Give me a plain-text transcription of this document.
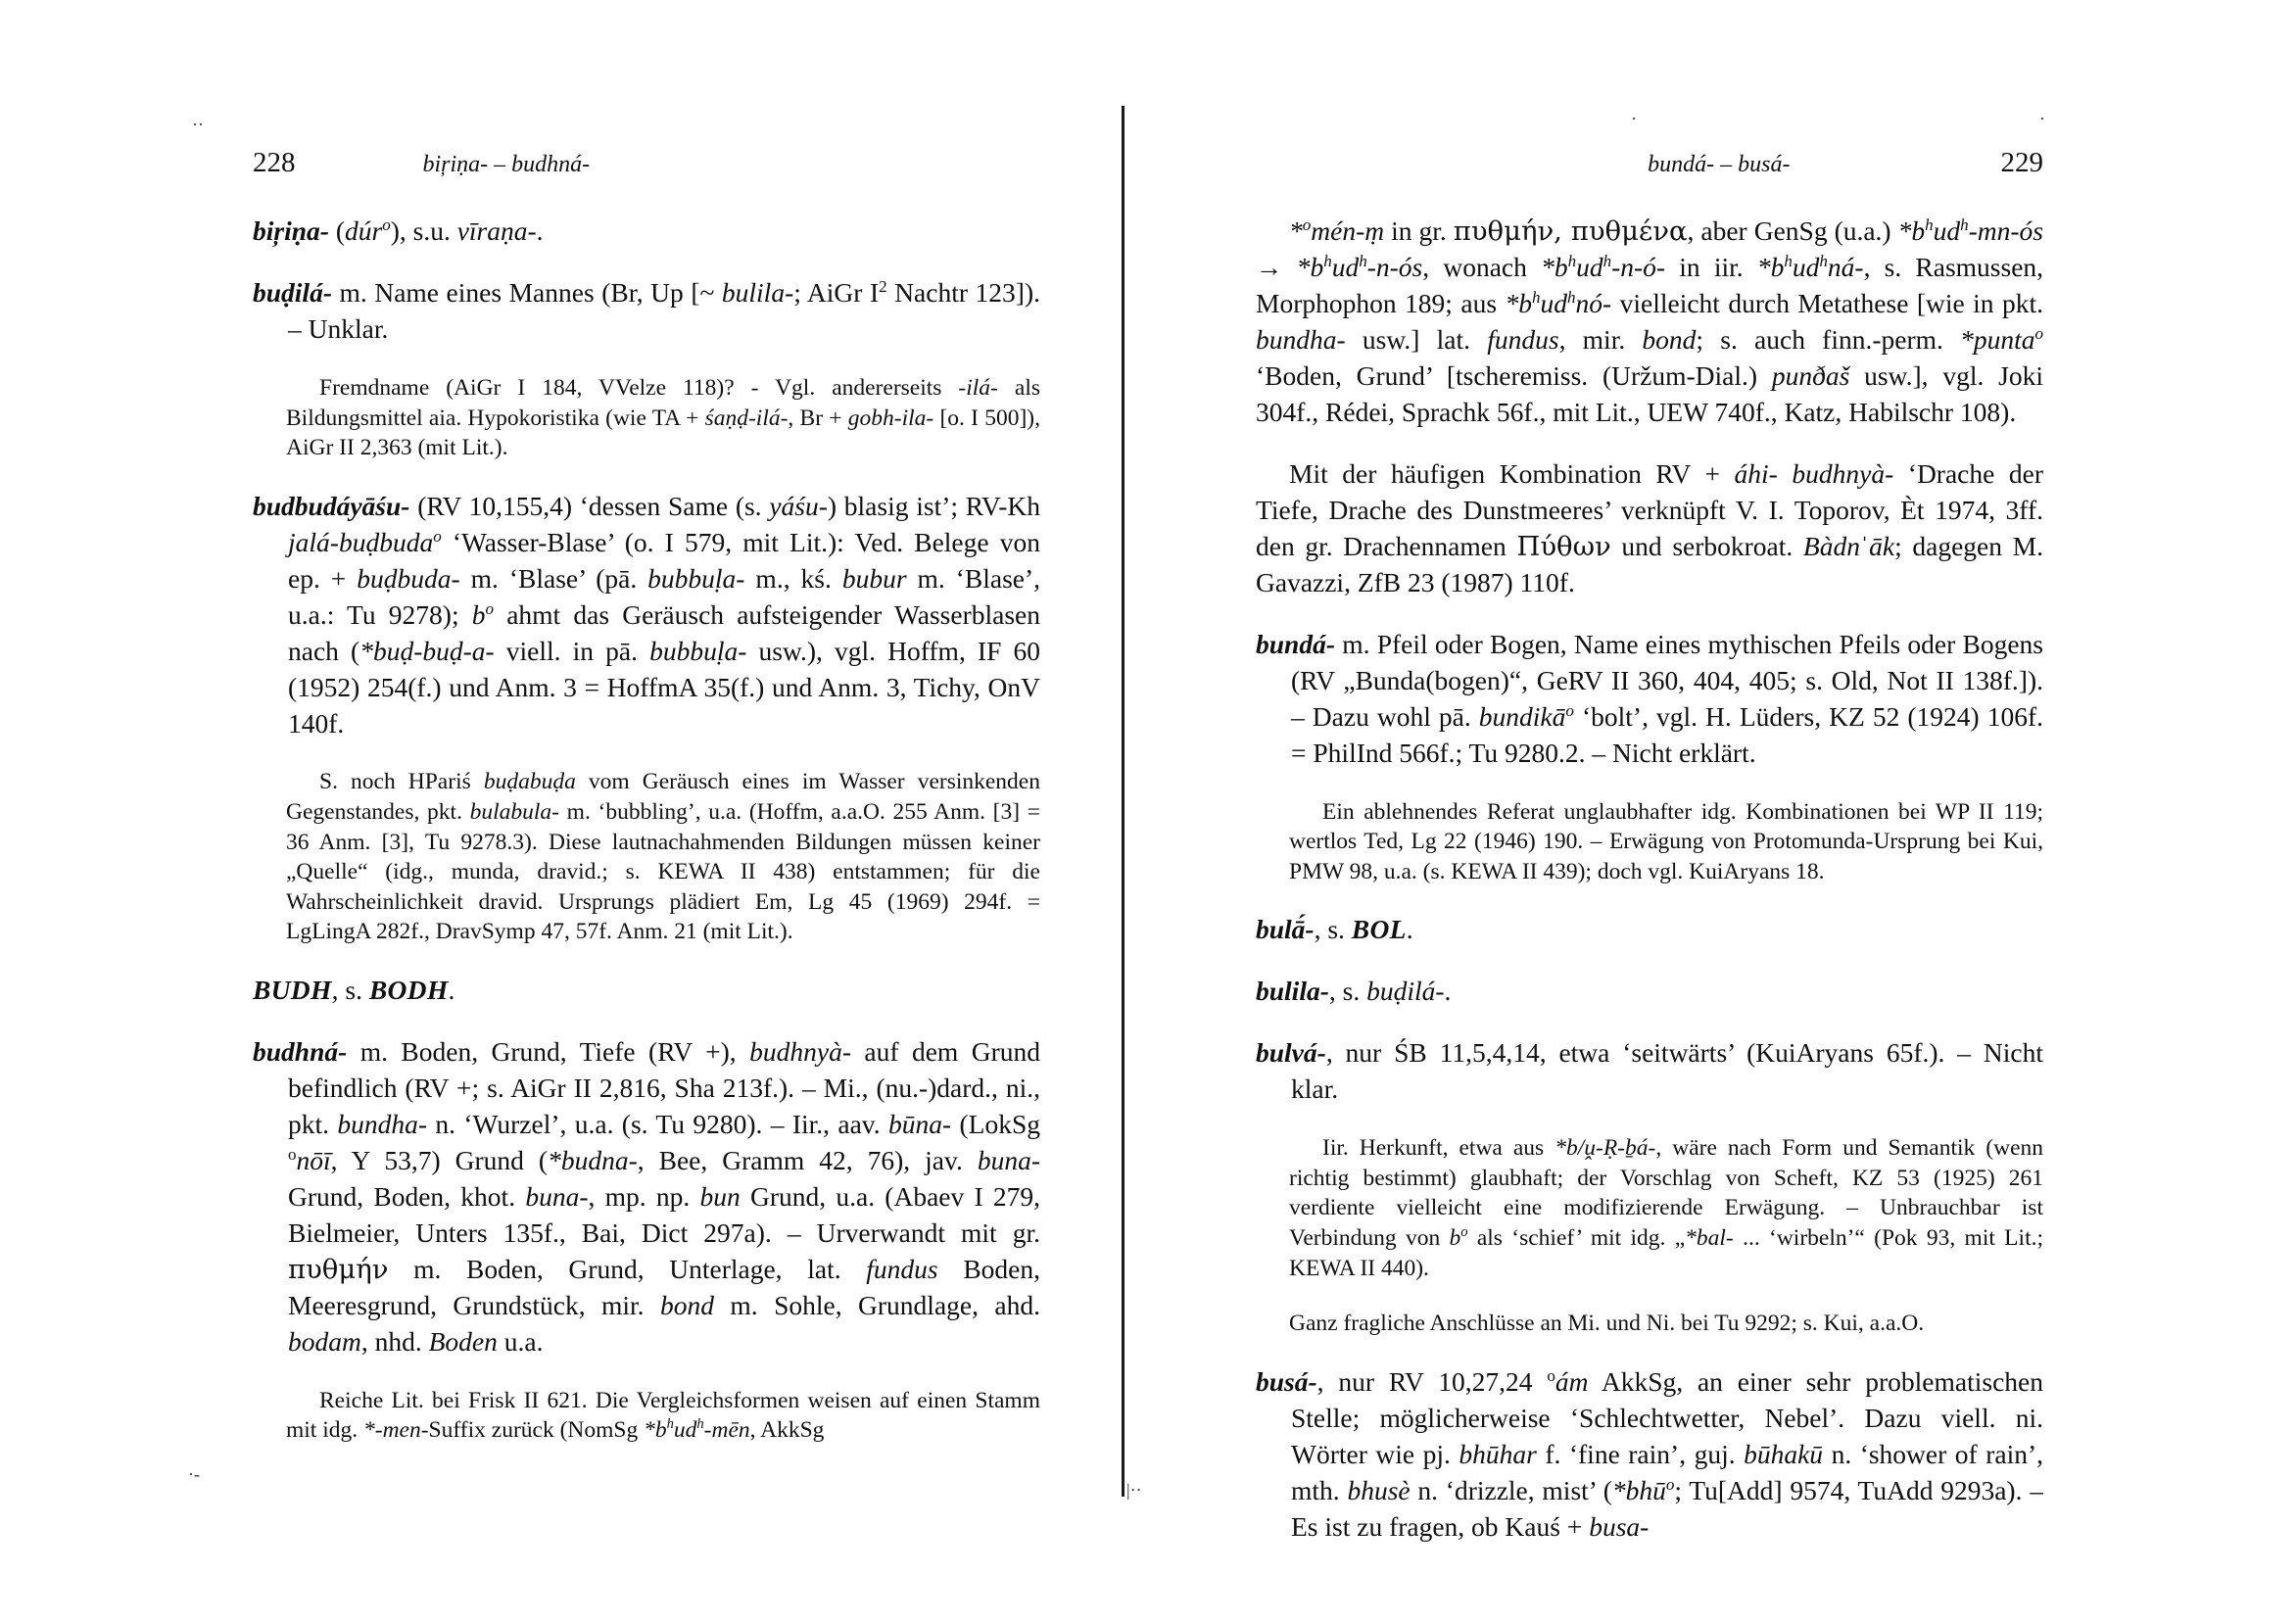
228	biŗiṇa- – budhná-

biŗiṇa- (dúr$^o$), s.u. vīraṇa-.

buḍilá- m. Name eines Mannes (Br, Up [~ bulila-; AiGr $I^2$ Nachtr 123]). – Unklar.

Fremdname (AiGr I 184, VVelze 118)? - Vgl. andererseits -ilá- als Bildungsmittel aia. Hypokoristika (wie TA + śaṇḍ-ilá-, Br + gobh-ila- [o. I 500]), AiGr II 2,363 (mit Lit.).

budbudáyāśu- (RV 10,155,4) ‘dessen Same (s. yáśu-) blasig ist’; RV-Kh jalá-buḍbuda$^o$ ‘Wasser-Blase’ (o. I 579, mit Lit.): Ved. Belege von ep. + buḍbuda- m. ‘Blase’ (pā. bubbuḷa- m., kś. bubur m. ‘Blase’, u.a.: Tu 9278); $b^o$ ahmt das Geräusch aufsteigender Wasserblasen nach (*buḍ-buḍ-a- viell. in pā. bubbuḷa- usw.), vgl. Hoffm, IF 60 (1952) 254(f.) und Anm. 3 = HoffmA 35(f.) und Anm. 3, Tichy, OnV 140f.

S. noch HPariś buḍabuḍa vom Geräusch eines im Wasser versinkenden Gegenstandes, pkt. bulabula- m. ‘bubbling’, u.a. (Hoffm, a.a.O. 255 Anm. [3] = 36 Anm. [3], Tu 9278.3). Diese lautnachahmenden Bildungen müssen keiner „Quelle“ (idg., munda, dravid.; s. KEWA II 438) entstammen; für die Wahrscheinlichkeit dravid. Ursprungs plädiert Em, Lg 45 (1969) 294f. = LgLingA 282f., DravSymp 47, 57f. Anm. 21 (mit Lit.).

BUDH, s. BODH.

budhná- m. Boden, Grund, Tiefe (RV +), budhnyà- auf dem Grund befindlich (RV +; s. AiGr II 2,816, Sha 213f.). – Mi., (nu.-)dard., ni., pkt. bundha- n. ‘Wurzel’, u.a. (s. Tu 9280). – Iir., aav. būna- (LokSg $^o$nōī, Y 53,7) Grund (*budna-, Bee, Gramm 42, 76), jav. buna- Grund, Boden, khot. buna-, mp. np. bun Grund, u.a. (Abaev I 279, Bielmeier, Unters 135f., Bai, Dict 297a). – Urverwandt mit gr. πυθμήν m. Boden, Grund, Unterlage, lat. fundus Boden, Meeresgrund, Grundstück, mir. bond m. Sohle, Grundlage, ahd. bodam, nhd. Boden u.a.

Reiche Lit. bei Frisk II 621. Die Vergleichsformen weisen auf einen Stamm mit idg. *-men-Suffix zurück (NomSg $*b^hud^h$-mēn, AkkSg

bundá- – busá-	229

*$^o$mén-ṃ in gr. πυθμήν, πυθμένα, aber GenSg (u.a.) $*b^hud^h-mn-ós$ → $*b^hud^h-n-ós$, wonach $*b^hud^h-n-ó-$ in iir. $*b^hud^hná-$, s. Rasmussen, Morphophon 189; aus $*b^hud^hnó-$ vielleicht durch Metathese [wie in pkt. bundha- usw.] lat. fundus, mir. bond; s. auch finn.-perm. *punta$^o$ ‘Boden, Grund’ [tscheremiss. (Uržum-Dial.) punðaš usw.], vgl. Joki 304f., Rédei, Sprachk 56f., mit Lit., UEW 740f., Katz, Habilschr 108).

Mit der häufigen Kombination RV + áhi- budhnyà- ‘Drache der Tiefe, Drache des Dunstmeeres’ verknüpft V. I. Toporov, Èt 1974, 3ff. den gr. Drachennamen Πύθων und serbokroat. Bàdnˈāk; dagegen M. Gavazzi, ZfB 23 (1987) 110f.

bundá- m. Pfeil oder Bogen, Name eines mythischen Pfeils oder Bogens (RV „Bunda(bogen)“, GeRV II 360, 404, 405; s. Old, Not II 138f.]). – Dazu wohl pā. bundikā$^o$ ‘bolt’, vgl. H. Lüders, KZ 52 (1924) 106f. = PhilInd 566f.; Tu 9280.2. – Nicht erklärt.

Ein ablehnendes Referat unglaubhafter idg. Kombinationen bei WP II 119; wertlos Ted, Lg 22 (1946) 190. – Erwägung von Protomunda-Ursprung bei Kui, PMW 98, u.a. (s. KEWA II 439); doch vgl. KuiAryans 18.

bulā́-, s. BOL.

bulila-, s. buḍilá-.

bulvá-, nur ŚB 11,5,4,14, etwa ‘seitwärts’ (KuiAryans 65f.). – Nicht klar.

Iir. Herkunft, etwa aus *b/ṷ-Ṛ-ḇá-, wäre nach Form und Semantik (wenn richtig bestimmt) glaubhaft; der Vorschlag von Scheft, KZ 53 (1925) 261 verdiente vielleicht eine modifizierende Erwägung. – Unbrauchbar ist Verbindung von $b^o$ als ‘schief’ mit idg. „*bal- ... ‘wirbeln’“ (Pok 93, mit Lit.; KEWA II 440).

Ganz fragliche Anschlüsse an Mi. und Ni. bei Tu 9292; s. Kui, a.a.O.

busá-, nur RV 10,27,24 $^o$ám AkkSg, an einer sehr problematischen Stelle; möglicherweise ‘Schlechtwetter, Nebel’. Dazu viell. ni. Wörter wie pj. bhūhar f. ‘fine rain’, guj. būhakū n. ‘shower of rain’, mth. bhusè n. ‘drizzle, mist’ (*bhū$^o$; Tu[Add] 9574, TuAdd 9293a). – Es ist zu fragen, ob Kauś + busa-

··	·	·
·-
|··
